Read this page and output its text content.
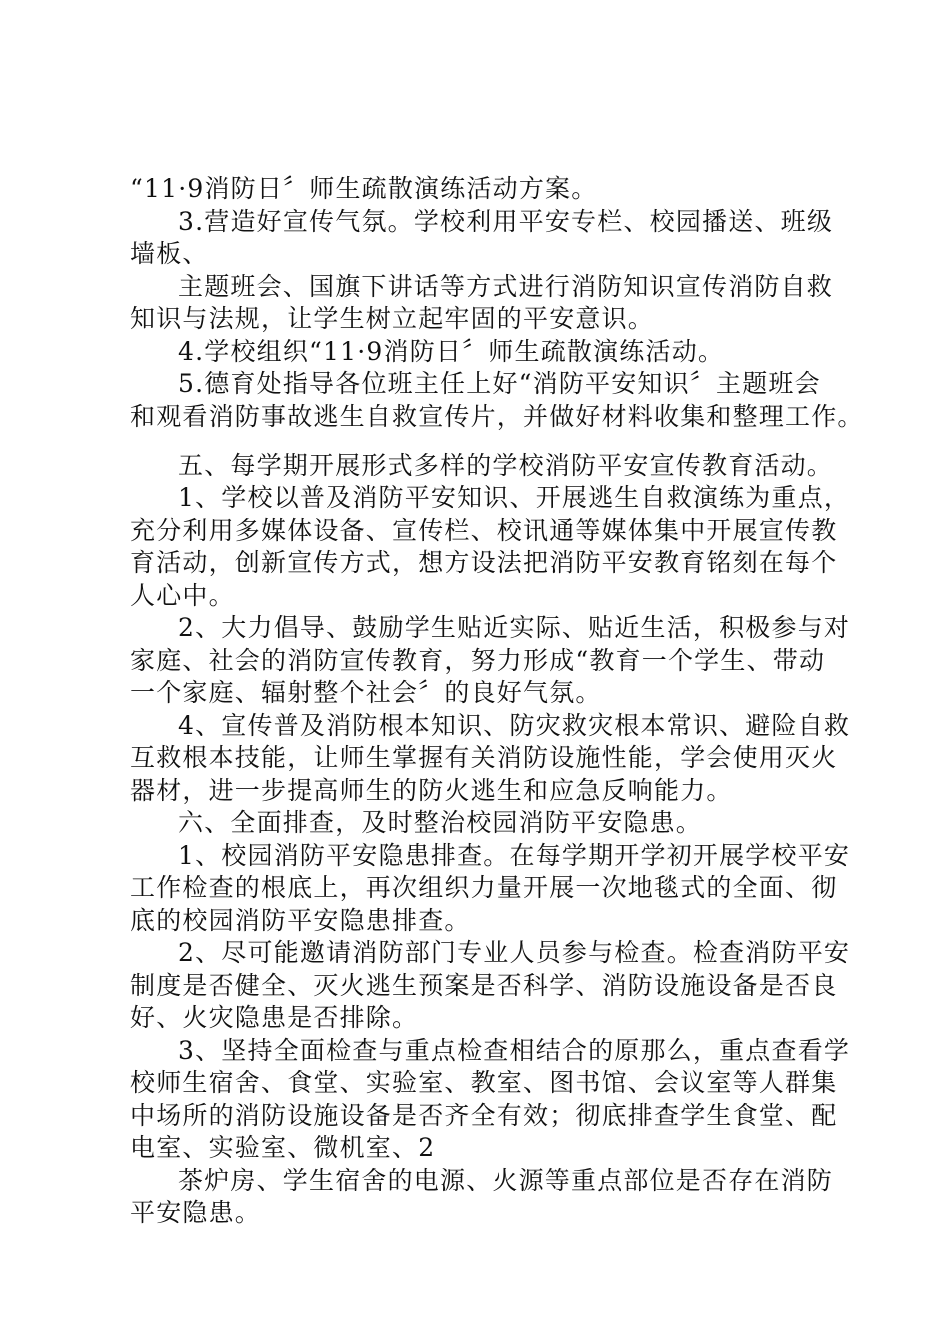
“11·9消防日〞师生疏散演练活动方案。
3.营造好宣传气氛。学校利用平安专栏、校园播送、班级
墙板、
主题班会、国旗下讲话等方式进行消防知识宣传消防自救
知识与法规，让学生树立起牢固的平安意识。
4.学校组织“11·9消防日〞师生疏散演练活动。
5.德育处指导各位班主任上好“消防平安知识〞主题班会
和观看消防事故逃生自救宣传片，并做好材料收集和整理工作。
五、每学期开展形式多样的学校消防平安宣传教育活动。
1、学校以普及消防平安知识、开展逃生自救演练为重点，
充分利用多媒体设备、宣传栏、校讯通等媒体集中开展宣传教
育活动，创新宣传方式，想方设法把消防平安教育铭刻在每个
人心中。
2、大力倡导、鼓励学生贴近实际、贴近生活，积极参与对
家庭、社会的消防宣传教育，努力形成“教育一个学生、带动
一个家庭、辐射整个社会〞的良好气氛。
4、宣传普及消防根本知识、防灾救灾根本常识、避险自救
互救根本技能，让师生掌握有关消防设施性能，学会使用灭火
器材，进一步提高师生的防火逃生和应急反响能力。
六、全面排查，及时整治校园消防平安隐患。
1、校园消防平安隐患排查。在每学期开学初开展学校平安
工作检查的根底上，再次组织力量开展一次地毯式的全面、彻
底的校园消防平安隐患排查。
2、尽可能邀请消防部门专业人员参与检查。检查消防平安
制度是否健全、灭火逃生预案是否科学、消防设施设备是否良
好、火灾隐患是否排除。
3、坚持全面检查与重点检查相结合的原那么，重点查看学
校师生宿舍、食堂、实验室、教室、图书馆、会议室等人群集
中场所的消防设施设备是否齐全有效；彻底排查学生食堂、配
电室、实验室、微机室、2
茶炉房、学生宿舍的电源、火源等重点部位是否存在消防
平安隐患。
